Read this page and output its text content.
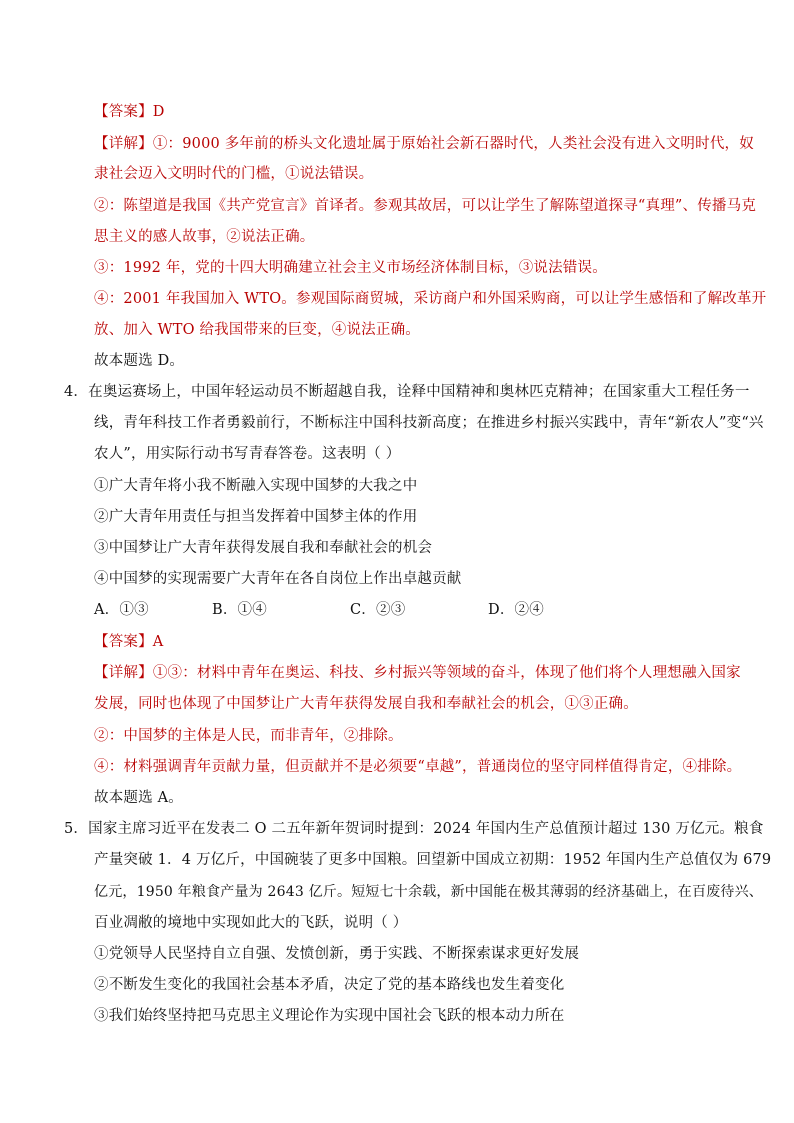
【答案】D
【详解】①：9000 多年前的桥头文化遗址属于原始社会新石器时代，人类社会没有进入文明时代，奴
隶社会迈入文明时代的门槛，①说法错误。
②：陈望道是我国《共产党宣言》首译者。参观其故居，可以让学生了解陈望道探寻“真理”、传播马克
思主义的感人故事，②说法正确。
③：1992 年，党的十四大明确建立社会主义市场经济体制目标，③说法错误。
④：2001 年我国加入 WTO。参观国际商贸城，采访商户和外国采购商，可以让学生感悟和了解改革开
放、加入 WTO 给我国带来的巨变，④说法正确。
故本题选 D。
4．在奥运赛场上，中国年轻运动员不断超越自我，诠释中国精神和奥林匹克精神；在国家重大工程任务一
线，青年科技工作者勇毅前行，不断标注中国科技新高度；在推进乡村振兴实践中，青年“新农人”变“兴
农人”，用实际行动书写青春答卷。这表明（ ）
①广大青年将小我不断融入实现中国梦的大我之中
②广大青年用责任与担当发挥着中国梦主体的作用
③中国梦让广大青年获得发展自我和奉献社会的机会
④中国梦的实现需要广大青年在各自岗位上作出卓越贡献
A．①③	B．①④	C．②③	D．②④
【答案】A
【详解】①③：材料中青年在奥运、科技、乡村振兴等领域的奋斗，体现了他们将个人理想融入国家
发展，同时也体现了中国梦让广大青年获得发展自我和奉献社会的机会，①③正确。
②：中国梦的主体是人民，而非青年，②排除。
④：材料强调青年贡献力量，但贡献并不是必须要“卓越”，普通岗位的坚守同样值得肯定，④排除。
故本题选 A。
5．国家主席习近平在发表二 O 二五年新年贺词时提到：2024 年国内生产总值预计超过 130 万亿元。粮食
产量突破 1．4 万亿斤，中国碗装了更多中国粮。回望新中国成立初期：1952 年国内生产总值仅为 679
亿元，1950 年粮食产量为 2643 亿斤。短短七十余载，新中国能在极其薄弱的经济基础上，在百废待兴、
百业凋敝的境地中实现如此大的飞跃，说明（ ）
①党领导人民坚持自立自强、发愤创新，勇于实践、不断探索谋求更好发展
②不断发生变化的我国社会基本矛盾，决定了党的基本路线也发生着变化
③我们始终坚持把马克思主义理论作为实现中国社会飞跃的根本动力所在
